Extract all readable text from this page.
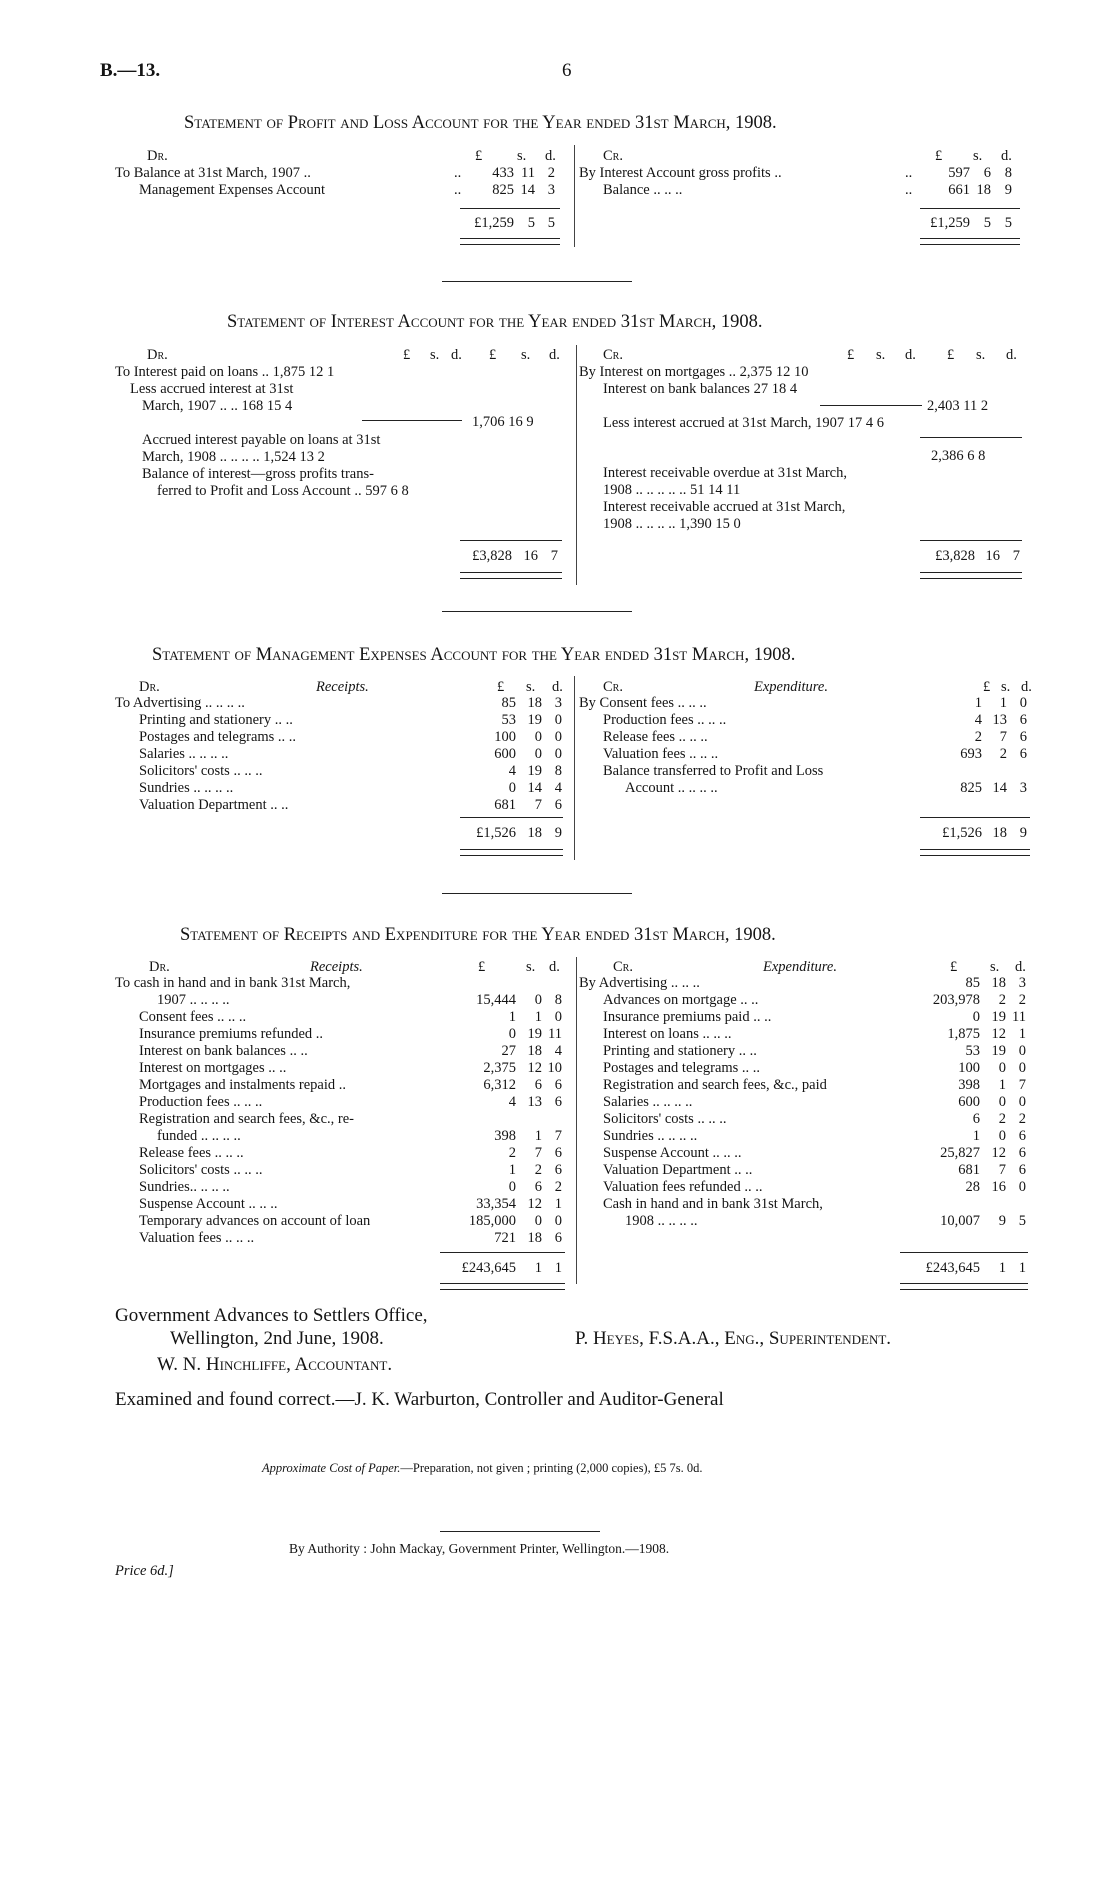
B.—13.	6
Statement of Profit and Loss Account for the Year ended 31st March, 1908.
Dr.	£ s. d.
To Balance at 31st March, 1907 ..	..	433 11 2
Management Expenses Account	..	825 14 3
£1,259 5 5
Cr.	£ s. d.
By Interest Account gross profits ..	..	597 6 8
Balance .. .. ..	..	661 18 9
£1,259 5 5
Statement of Interest Account for the Year ended 31st March, 1908.
Dr.	£ s. d. £ s. d.
To Interest paid on loans .. 1,875 12 1
Less accrued interest at 31st
March, 1907 .. .. 168 15 4
1,706 16 9
Accrued interest payable on loans at 31st
March, 1908 .. .. .. .. 1,524 13 2
Balance of interest—gross profits trans-
ferred to Profit and Loss Account .. 597 6 8
£3,828 16 7
Cr.	£ s. d. £ s. d.
By Interest on mortgages .. 2,375 12 10
Interest on bank balances 27 18 4
2,403 11 2
Less interest accrued at 31st March, 1907 17 4 6
2,386 6 8
Interest receivable overdue at 31st March,
1908 .. .. .. .. .. 51 14 11
Interest receivable accrued at 31st March,
1908 .. .. .. .. 1,390 15 0
£3,828 16 7
Statement of Management Expenses Account for the Year ended 31st March, 1908.
Dr.	Receipts.	£ s. d.	Cr.	Expenditure.	£ s. d.
To Advertising .. .. .. ..	85 18 3
Printing and stationery .. ..	53 19 0
Postages and telegrams .. ..	100	0 0
Salaries .. .. .. ..	600	0 0
Solicitors' costs .. .. ..	4 19 8
Sundries .. .. .. ..	0 14 4
Valuation Department .. ..	681	7 6
By Consent fees .. .. ..	1	1 0
Production fees .. .. ..	4 13 6
Release fees .. .. ..	2	7 6
Valuation fees .. .. ..	693	2 6
Balance transferred to Profit and Loss
Account .. .. .. ..	825 14 3
£1,526 18 9	£1,526 18 9
Statement of Receipts and Expenditure for the Year ended 31st March, 1908.
Dr.	Receipts.	£	s. d.	Cr.	Expenditure.	£ s. d.
To cash in hand and in bank 31st March,
1907 .. .. .. ..	15,444	0 8
Consent fees .. .. ..	1	1 0
Insurance premiums refunded ..	0 19 11
Interest on bank balances .. ..	27 18 4
Interest on mortgages .. ..	2,375 12 10
Mortgages and instalments repaid ..	6,312	6 6
Production fees .. .. ..	4 13 6
Registration and search fees, &c., re-
funded .. .. .. ..	398	1 7
Release fees .. .. ..	2	7 6
Solicitors' costs .. .. ..	1	2 6
Sundries.. .. .. ..	0	6 2
Suspense Account .. .. ..	33,354 12 1
Temporary advances on account of loan	185,000	0 0
Valuation fees .. .. ..	721 18 6
By Advertising .. .. ..	85 18 3
Advances on mortgage .. ..	203,978	2 2
Insurance premiums paid .. ..	0 19 11
Interest on loans .. .. ..	1,875 12 1
Printing and stationery .. ..	53 19 0
Postages and telegrams .. ..	100	0 0
Registration and search fees, &c., paid	398	1 7
Salaries .. .. .. ..	600	0 0
Solicitors' costs .. .. ..	6	2 2
Sundries .. .. .. ..	1	0 6
Suspense Account .. .. ..	25,827 12 6
Valuation Department .. ..	681	7 6
Valuation fees refunded .. ..	28 16 0
Cash in hand and in bank 31st March,
1908 .. .. .. ..	10,007	9 5
£243,645	1 1	£243,645	1 1
Government Advances to Settlers Office,
Wellington, 2nd June, 1908.	P. Heyes, F.S.A.A., Eng., Superintendent.
W. N. Hinchliffe, Accountant.
Examined and found correct.—J. K. Warburton, Controller and Auditor-General
Approximate Cost of Paper.—Preparation, not given ; printing (2,000 copies), £5 7s. 0d.
By Authority : John Mackay, Government Printer, Wellington.—1908.
Price 6d.]
